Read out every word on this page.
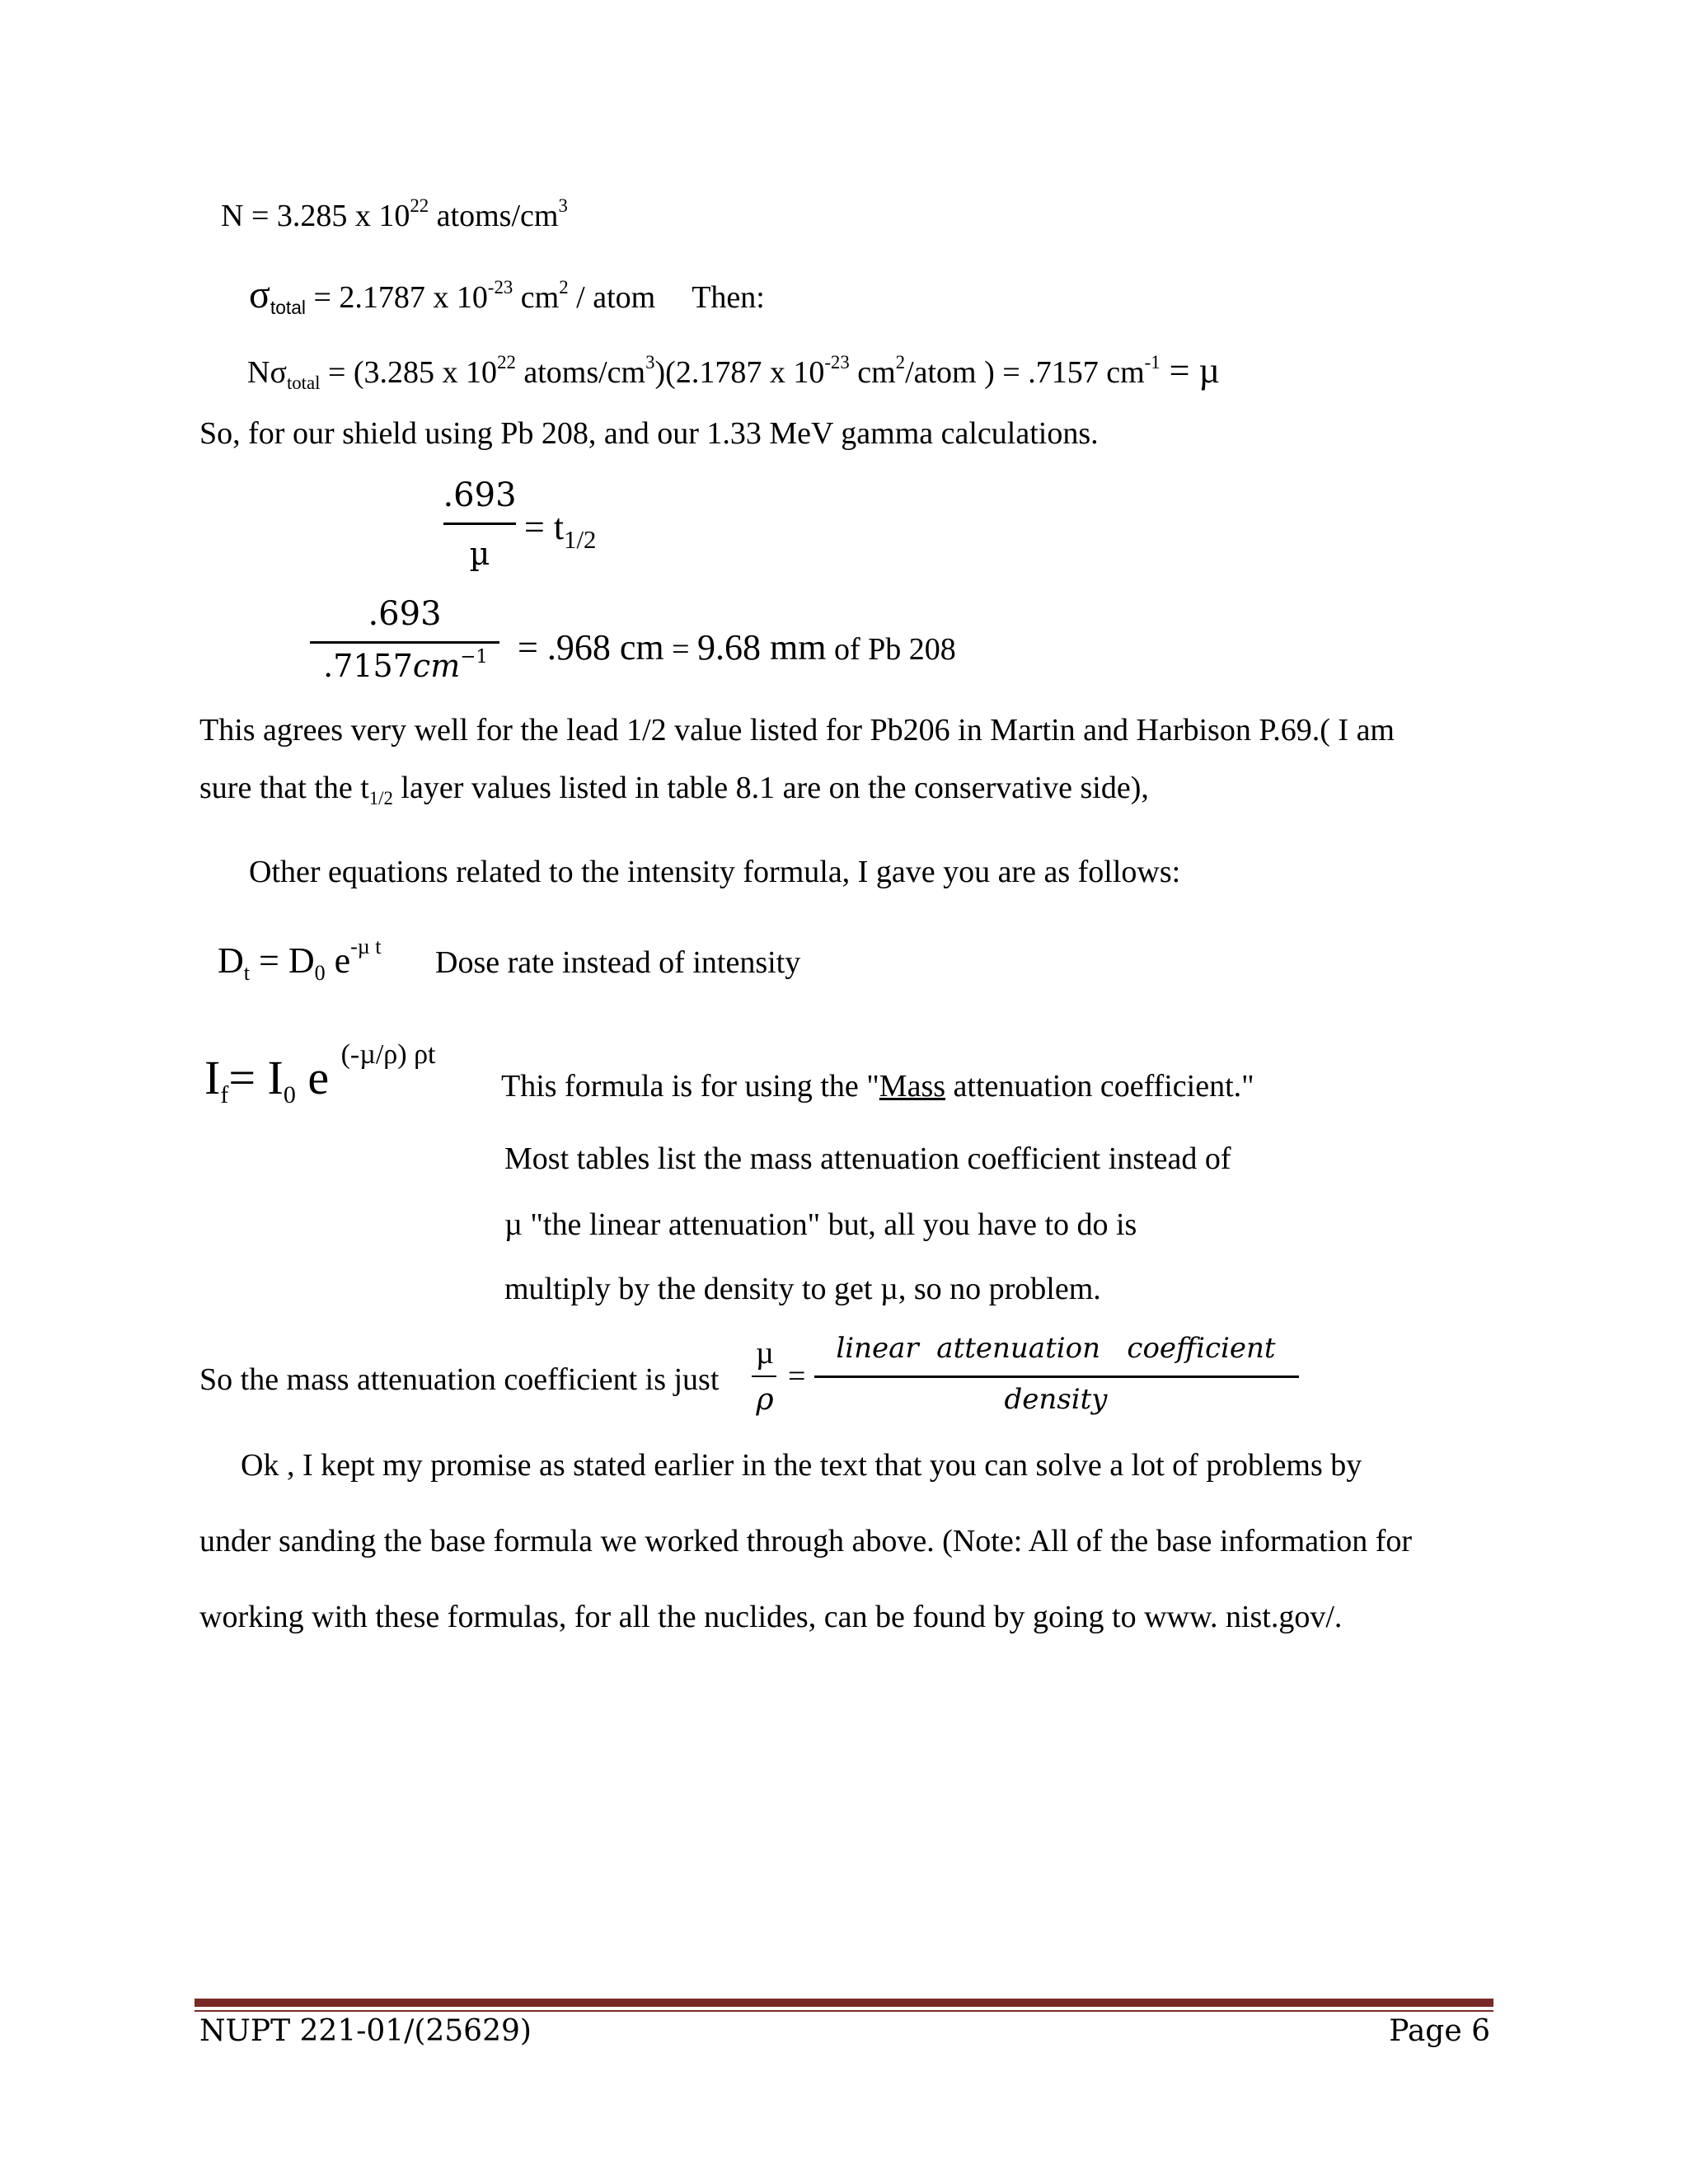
N = 3.285 x $10^{22}$ atoms/$cm^3$
$\sigma_{total} = 2.1787$ x $10^{-23}$ $cm^2$ / atom Then:
$N\sigma_{total} = (3.285$ x $10^{22}$ atoms/$cm^3)(2.1787$ x $10^{-23}$ $cm^2$/atom ) = .7157 $cm^{-1} = \mu$
So, for our shield using Pb 208, and our 1.33 MeV gamma calculations.
.693
µ
= $t_{1/2}$
.693
$.7157cm^{-1} = .968$ cm = 9.68 mm of Pb 208
This agrees very well for the lead 1/2 value listed for Pb206 in Martin and Harbison P.69.( I am
sure that the $t_{1/2}$ layer values listed in table 8.1 are on the conservative side),
Other equations related to the intensity formula, I gave you are as follows:
$D_t = D_0$ $e^{-\mu t}$ Dose rate instead of intensity
$I_f= I_0$ e $^{(-\mu/\rho) \rho t}$
This formula is for using the "Mass attenuation coefficient."
Most tables list the mass attenuation coefficient instead of
µ "the linear attenuation" but, all you have to do is
multiply by the density to get µ, so no problem.
So the mass attenuation coefficient is just
µ
ρ
=
linear  attenuation   coefficient
density
Ok , I kept my promise as stated earlier in the text that you can solve a lot of problems by
under sanding the base formula we worked through above. (Note: All of the base information for
working with these formulas, for all the nuclides, can be found by going to www. nist.gov/.
NUPT 221-01/(25629)	Page 6
